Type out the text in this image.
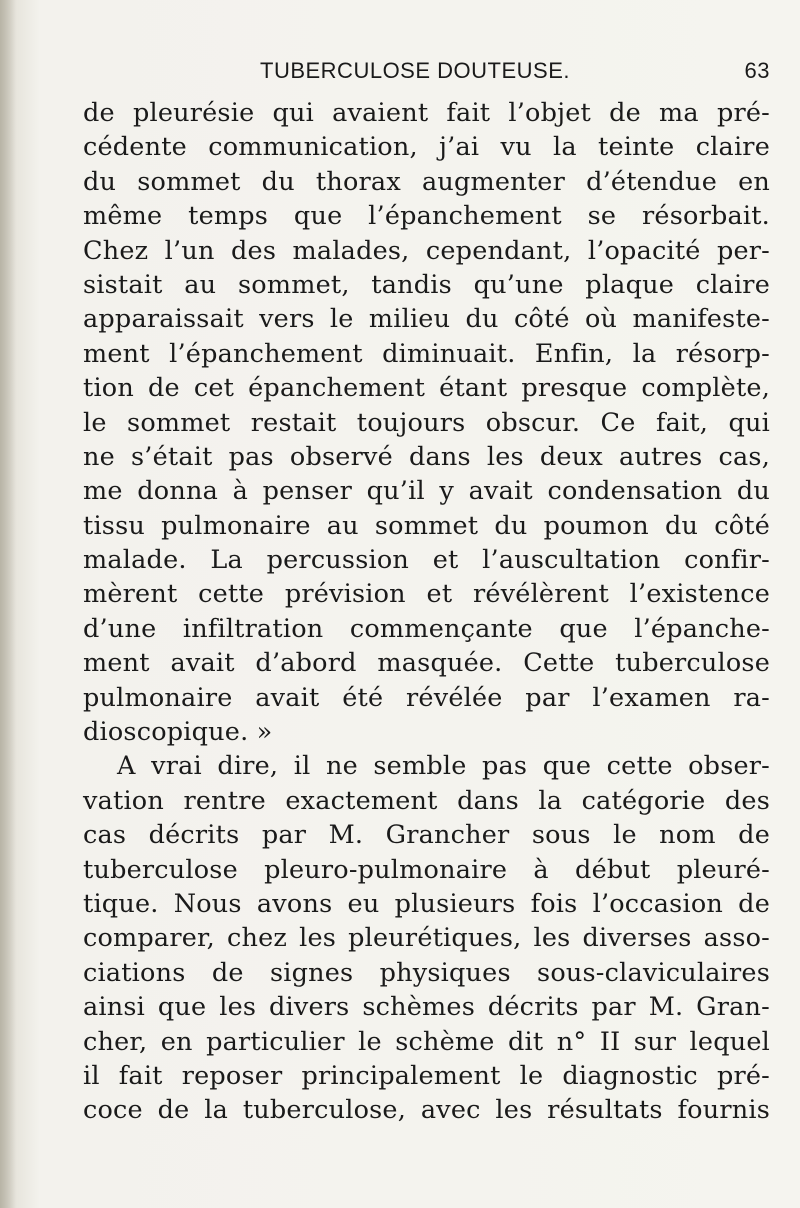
TUBERCULOSE DOUTEUSE.	63
de pleurésie qui avaient fait l’objet de ma pré-
cédente communication, j’ai vu la teinte claire
du sommet du thorax augmenter d’étendue en
même temps que l’épanchement se résorbait.
Chez l’un des malades, cependant, l’opacité per-
sistait au sommet, tandis qu’une plaque claire
apparaissait vers le milieu du côté où manifeste-
ment l’épanchement diminuait. Enfin, la résorp-
tion de cet épanchement étant presque complète,
le sommet restait toujours obscur. Ce fait, qui
ne s’était pas observé dans les deux autres cas,
me donna à penser qu’il y avait condensation du
tissu pulmonaire au sommet du poumon du côté
malade. La percussion et l’auscultation confir-
mèrent cette prévision et révélèrent l’existence
d’une infiltration commençante que l’épanche-
ment avait d’abord masquée. Cette tuberculose
pulmonaire avait été révélée par l’examen ra-
dioscopique. »
A vrai dire, il ne semble pas que cette obser-
vation rentre exactement dans la catégorie des
cas décrits par M. Grancher sous le nom de
tuberculose pleuro-pulmonaire à début pleuré-
tique. Nous avons eu plusieurs fois l’occasion de
comparer, chez les pleurétiques, les diverses asso-
ciations de signes physiques sous-claviculaires
ainsi que les divers schèmes décrits par M. Gran-
cher, en particulier le schème dit n° II sur lequel
il fait reposer principalement le diagnostic pré-
coce de la tuberculose, avec les résultats fournis
